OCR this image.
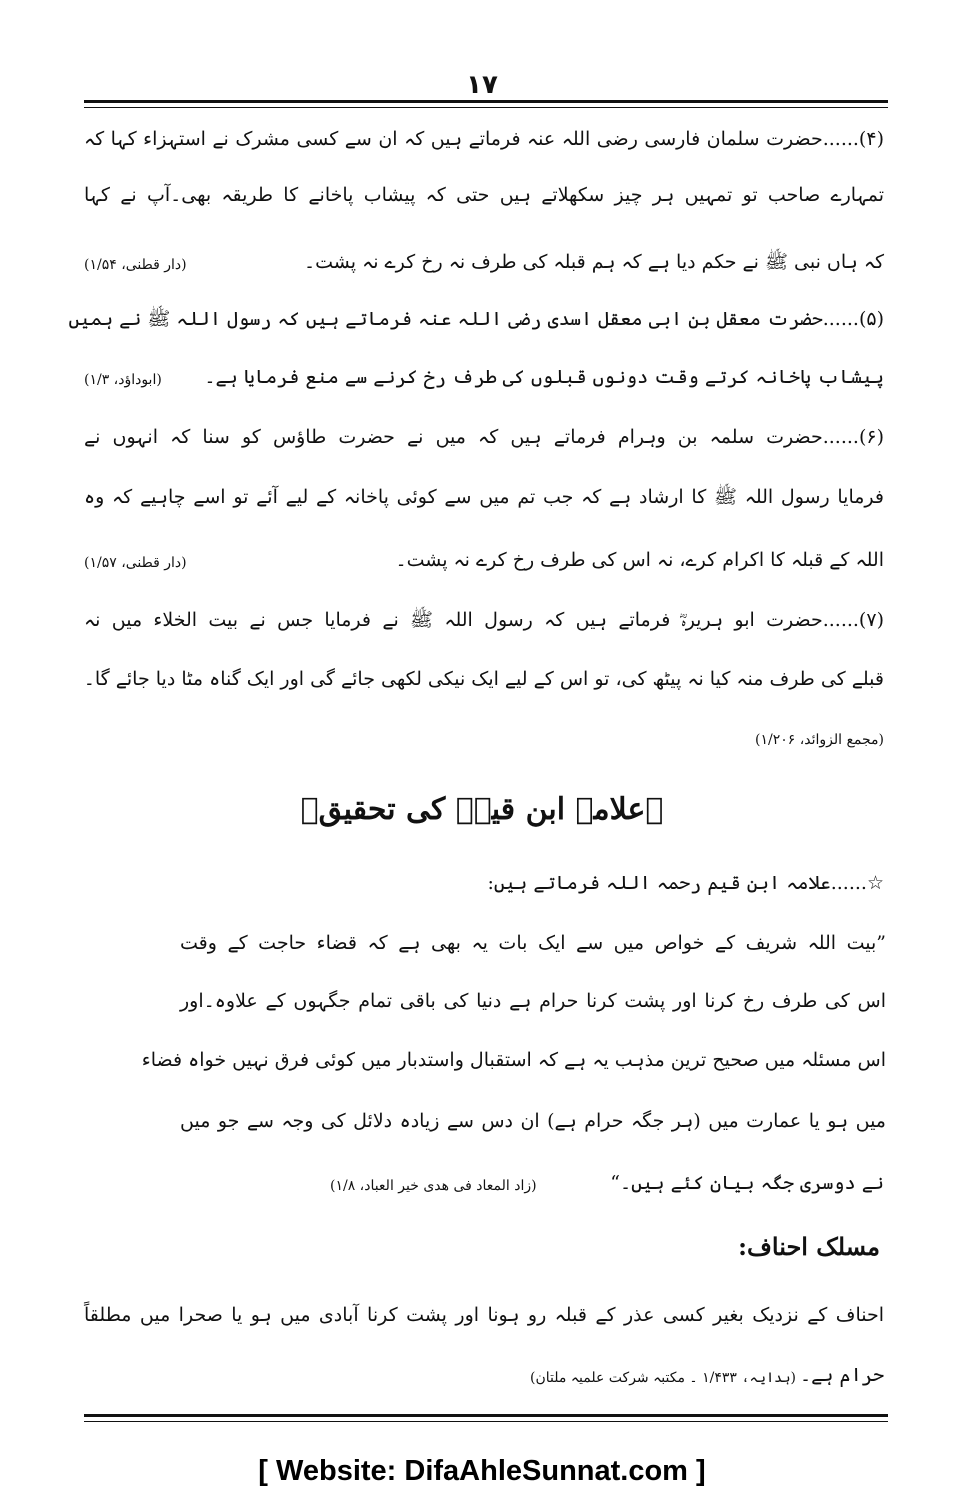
۱۷
(۴)......حضرت سلمان فارسی رضی اللہ عنہ فرماتے ہیں کہ ان سے کسی مشرک نے استہزاء کہا کہ
تمہارے صاحب تو تمہیں ہر چیز سکھلاتے ہیں حتی کہ پیشاب پاخانے کا طریقہ بھی۔آپ نے کہا
کہ ہاں نبی ﷺ نے حکم دیا ہے کہ ہم قبلہ کی طرف نہ رخ کرے نہ پشت۔
(دار قطنی، ۱/۵۴)
(۵)......حضرت معقل بن ابی معقل اسدی رضی اللہ عنہ فرماتے ہیں کہ رسول اللہ ﷺ نے ہمیں
پیشاب پاخانہ کرتے وقت دونوں قبلوں کی طرف رخ کرنے سے منع فرمایا ہے۔
(ابوداؤد، ۱/۳)
(۶)......حضرت سلمہ بن وہرام فرماتے ہیں کہ میں نے حضرت طاؤس کو سنا کہ انہوں نے
فرمایا رسول اللہ ﷺ کا ارشاد ہے کہ جب تم میں سے کوئی پاخانہ کے لیے آئے تو اسے چاہیے کہ وہ
اللہ کے قبلہ کا اکرام کرے، نہ اس کی طرف رخ کرے نہ پشت۔
(دار قطنی، ۱/۵۷)
(۷)......حضرت ابو ہریرہؓ فرماتے ہیں کہ رسول اللہ ﷺ نے فرمایا جس نے بیت الخلاء میں نہ
قبلے کی طرف منہ کیا نہ پیٹھ کی، تو اس کے لیے ایک نیکی لکھی جائے گی اور ایک گناہ مٹا دیا جائے گا۔
(مجمع الزوائد، ۱/۲۰۶)
﴿علامہ ابن قیمؒ کی تحقیق﴾
☆......علامہ ابن قیم رحمہ اللہ فرماتے ہیں:
”بیت اللہ شریف کے خواص میں سے ایک بات یہ بھی ہے کہ قضاء حاجت کے وقت
اس کی طرف رخ کرنا اور پشت کرنا حرام ہے دنیا کی باقی تمام جگہوں کے علاوہ۔اور
اس مسئلہ میں صحیح ترین مذہب یہ ہے کہ استقبال واستدبار میں کوئی فرق نہیں خواہ فضاء
میں ہو یا عمارت میں (ہر جگہ حرام ہے) ان دس سے زیادہ دلائل کی وجہ سے جو میں
نے دوسری جگہ بیان کئے ہیں۔“
(زاد المعاد فی ھدی خیر العباد، ۱/۸)
مسلک احناف:
احناف کے نزدیک بغیر کسی عذر کے قبلہ رو ہونا اور پشت کرنا آبادی میں ہو یا صحرا میں مطلقاً
حرام ہے۔
(ہدایہ، ۱/۴۳۳ ۔ مکتبہ شرکت علمیہ ملتان)
[ Website: DifaAhleSunnat.com ]
